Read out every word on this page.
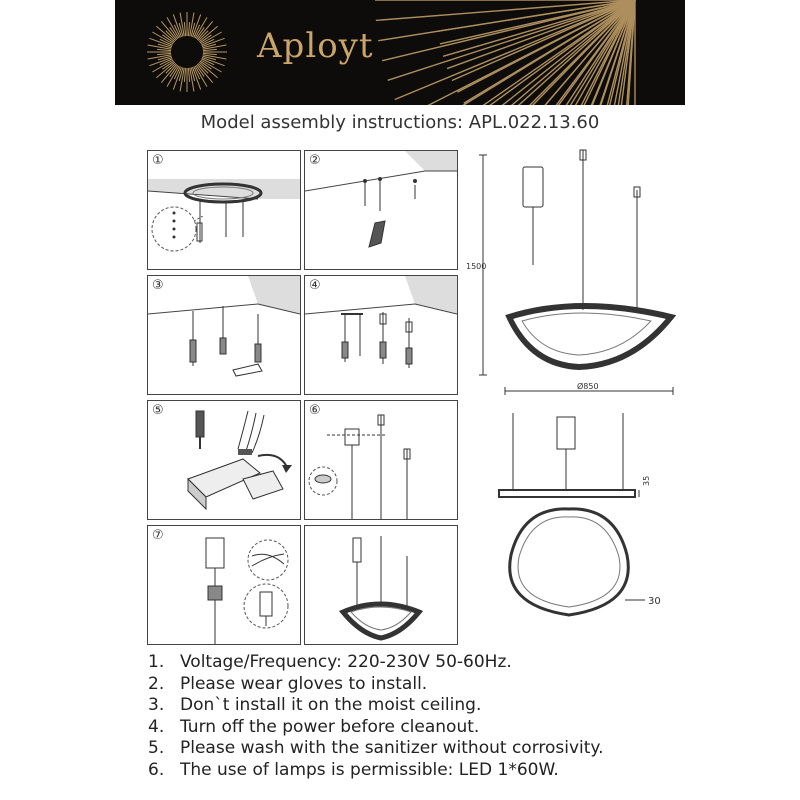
Aployt
Model assembly instructions: APL.022.13.60
①	②
③	④
⑤	⑥
⑦
1500
Ø850
35
30
1. Voltage/Frequency: 220-230V 50-60Hz.
2. Please wear gloves to install.
3. Don`t install it on the moist ceiling.
4. Turn off the power before cleanout.
5. Please wash with the sanitizer without corrosivity.
6. The use of lamps is permissible: LED 1*60W.
